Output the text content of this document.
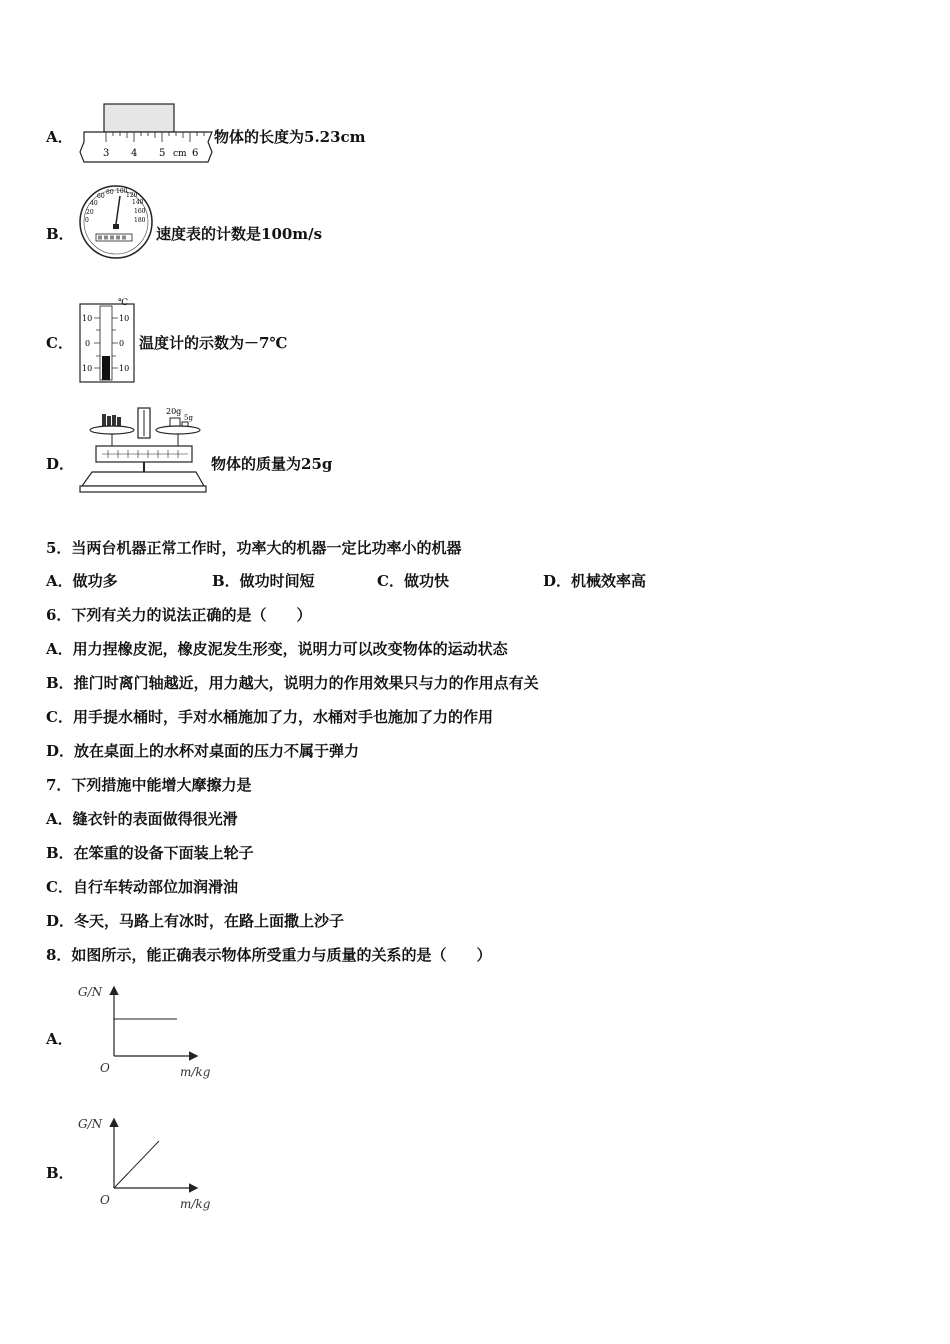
A．
3 4 5 cm 6
物体的长度为5.23cm
B．
20
40
60
80 100
120
140
160
180
0
速度表的计数是100m/s
C．
℃
10
0
10
10
0
10
温度计的示数为－7℃
D．
20g
5g
物体的质量为25g
5．当两台机器正常工作时，功率大的机器一定比功率小的机器
A．做功多	B．做功时间短	C．做功快	D．机械效率高
6．下列有关力的说法正确的是（　　）
A．用力捏橡皮泥，橡皮泥发生形变，说明力可以改变物体的运动状态
B．推门时离门轴越近，用力越大，说明力的作用效果只与力的作用点有关
C．用手提水桶时，手对水桶施加了力，水桶对手也施加了力的作用
D．放在桌面上的水杯对桌面的压力不属于弹力
7．下列措施中能增大摩擦力是
A．缝衣针的表面做得很光滑
B．在笨重的设备下面装上轮子
C．自行车转动部位加润滑油
D．冬天，马路上有冰时，在路上面撒上沙子
8．如图所示，能正确表示物体所受重力与质量的关系的是（　　）
A．
G/N
O	m/kg
B．
G/N
O	m/kg
